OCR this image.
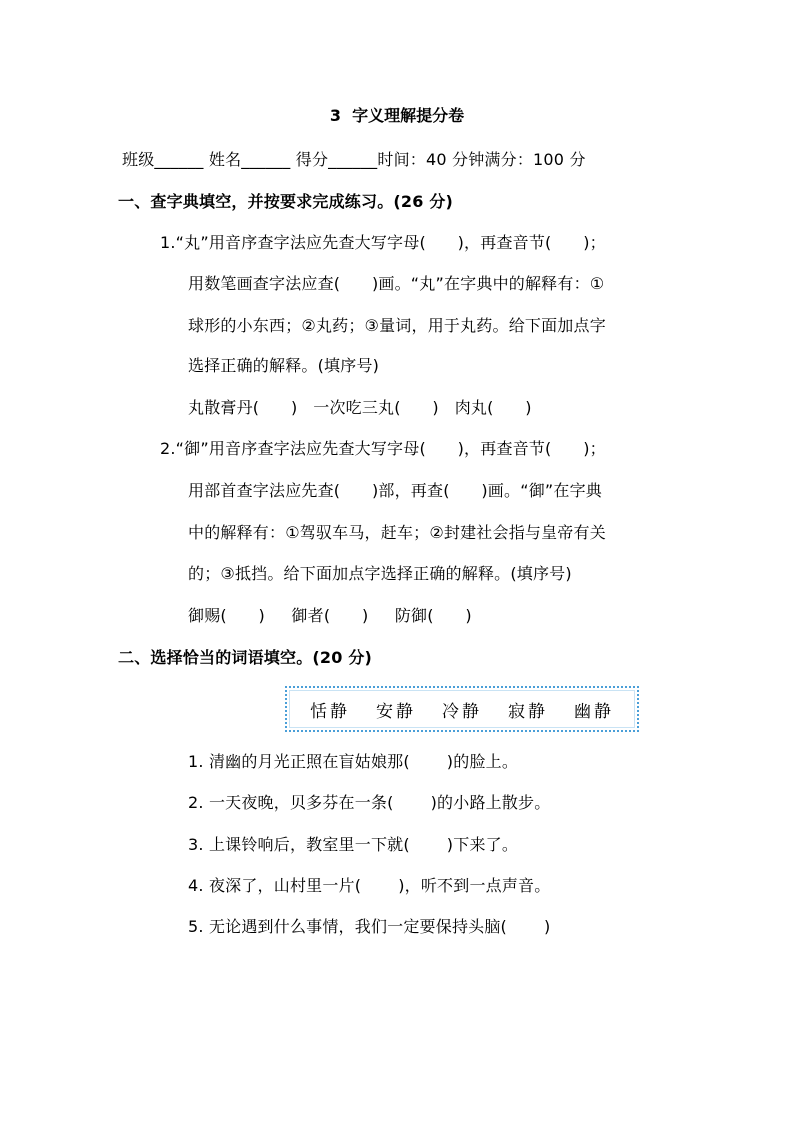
3  字义理解提分卷
班级______ 姓名______ 得分______时间：40 分钟满分：100 分
一、查字典填空，并按要求完成练习。(26 分)
1.“丸”用音序查字法应先查大写字母(      )，再查音节(      )；
用数笔画查字法应查(      )画。“丸”在字典中的解释有：①
球形的小东西；②丸药；③量词，用于丸药。给下面加点字
选择正确的解释。(填序号)
丸散膏丹(      )   一次吃三丸(      )   肉丸(      )
2.“御”用音序查字法应先查大写字母(      )，再查音节(      )；
用部首查字法应先查(      )部，再查(      )画。“御”在字典
中的解释有：①驾驭车马，赶车；②封建社会指与皇帝有关
的；③抵挡。给下面加点字选择正确的解释。(填序号)
御赐(      )     御者(      )     防御(      )
二、选择恰当的词语填空。(20 分)
恬静 安静 冷静 寂静 幽静
1. 清幽的月光正照在盲姑娘那(       )的脸上。
2. 一天夜晚，贝多芬在一条(       )的小路上散步。
3. 上课铃响后，教室里一下就(       )下来了。
4. 夜深了，山村里一片(       )，听不到一点声音。
5. 无论遇到什么事情，我们一定要保持头脑(       )
